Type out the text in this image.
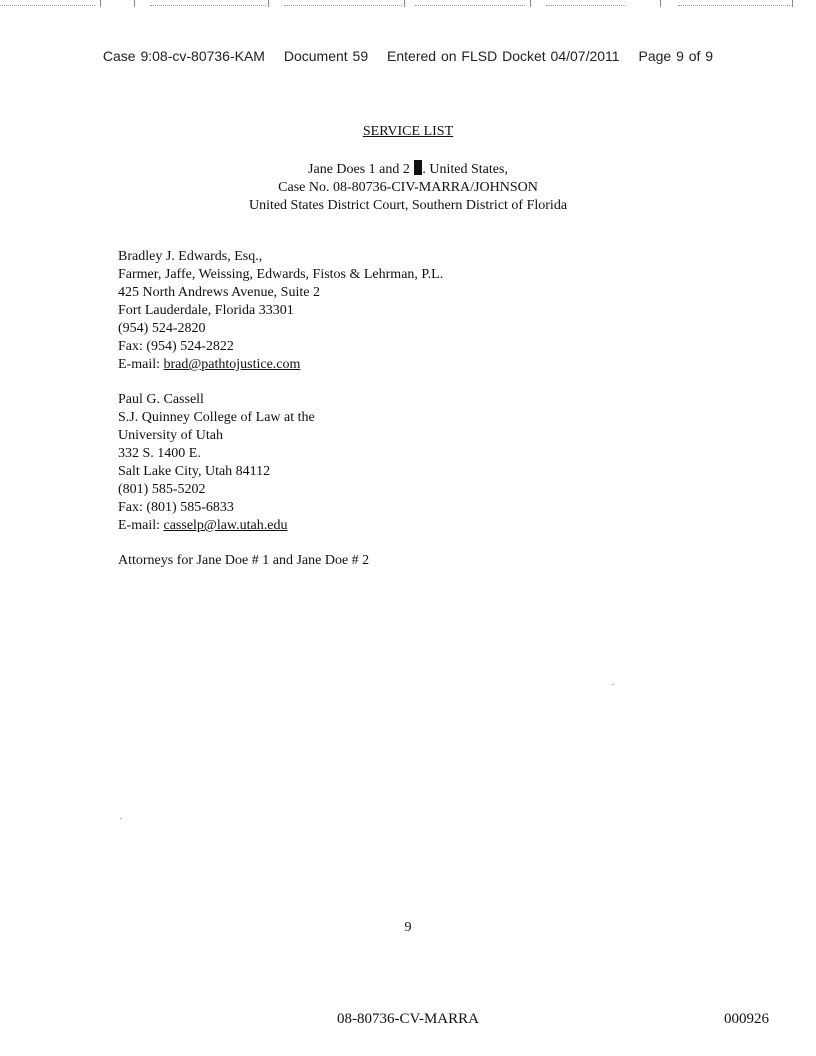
Case 9:08-cv-80736-KAM Document 59 Entered on FLSD Docket 04/07/2011 Page 9 of 9
SERVICE LIST
Jane Does 1 and 2 . United States,
Case No. 08-80736-CIV-MARRA/JOHNSON
United States District Court, Southern District of Florida
Bradley J. Edwards, Esq.,
Farmer, Jaffe, Weissing, Edwards, Fistos & Lehrman, P.L.
425 North Andrews Avenue, Suite 2
Fort Lauderdale, Florida 33301
(954) 524-2820
Fax: (954) 524-2822
E-mail: brad@pathtojustice.com
Paul G. Cassell
S.J. Quinney College of Law at the
University of Utah
332 S. 1400 E.
Salt Lake City, Utah 84112
(801) 585-5202
Fax: (801) 585-6833
E-mail: casselp@law.utah.edu
Attorneys for Jane Doe # 1 and Jane Doe # 2
9
08-80736-CV-MARRA	000926
